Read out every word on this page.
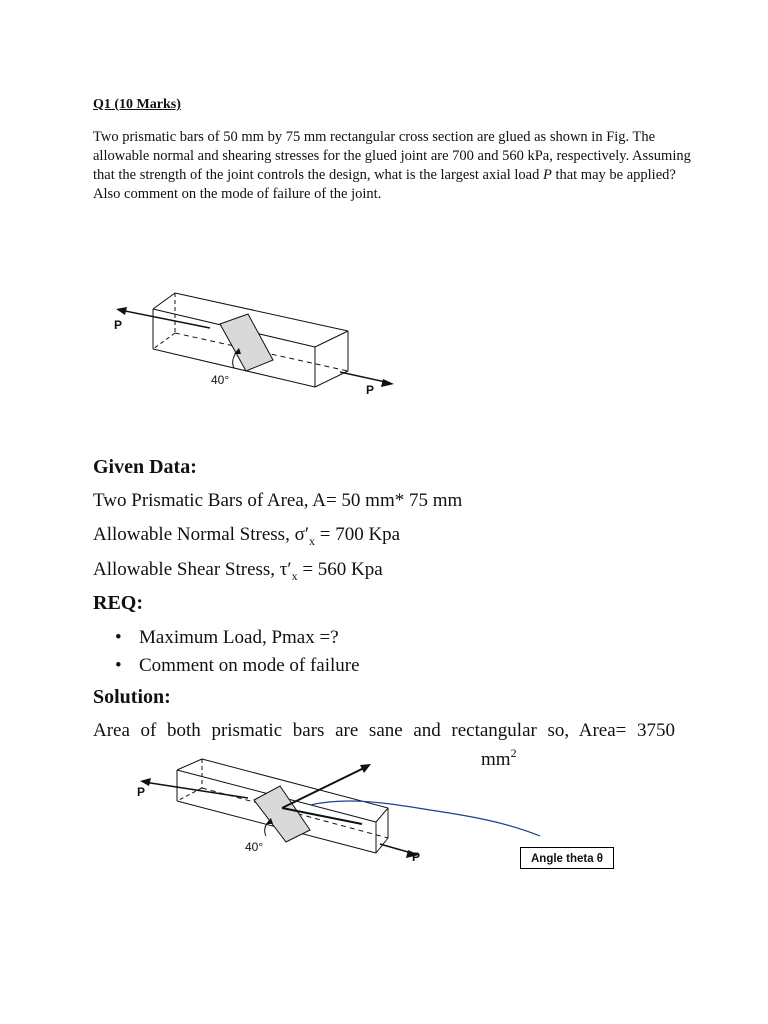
Q1 (10 Marks)
Two prismatic bars of 50 mm by 75 mm rectangular cross section are glued as shown in Fig. The allowable normal and shearing stresses for the glued joint are 700 and 560 kPa, respectively. Assuming that the strength of the joint controls the design, what is the largest axial load P that may be applied? Also comment on the mode of failure of the joint.
P
P
40°
Given Data:
Two Prismatic Bars of Area, A= 50 mm* 75 mm
Allowable Normal Stress, $\sigma'_x = 700$ Kpa
Allowable Shear Stress, $\tau'_x = 560$ Kpa
REQ:
• Maximum Load, Pmax =?
• Comment on mode of failure
Solution:
Area of both prismatic bars are sane and rectangular so, Area= 3750
$mm^2$
P
P
40°
Angle theta θ
